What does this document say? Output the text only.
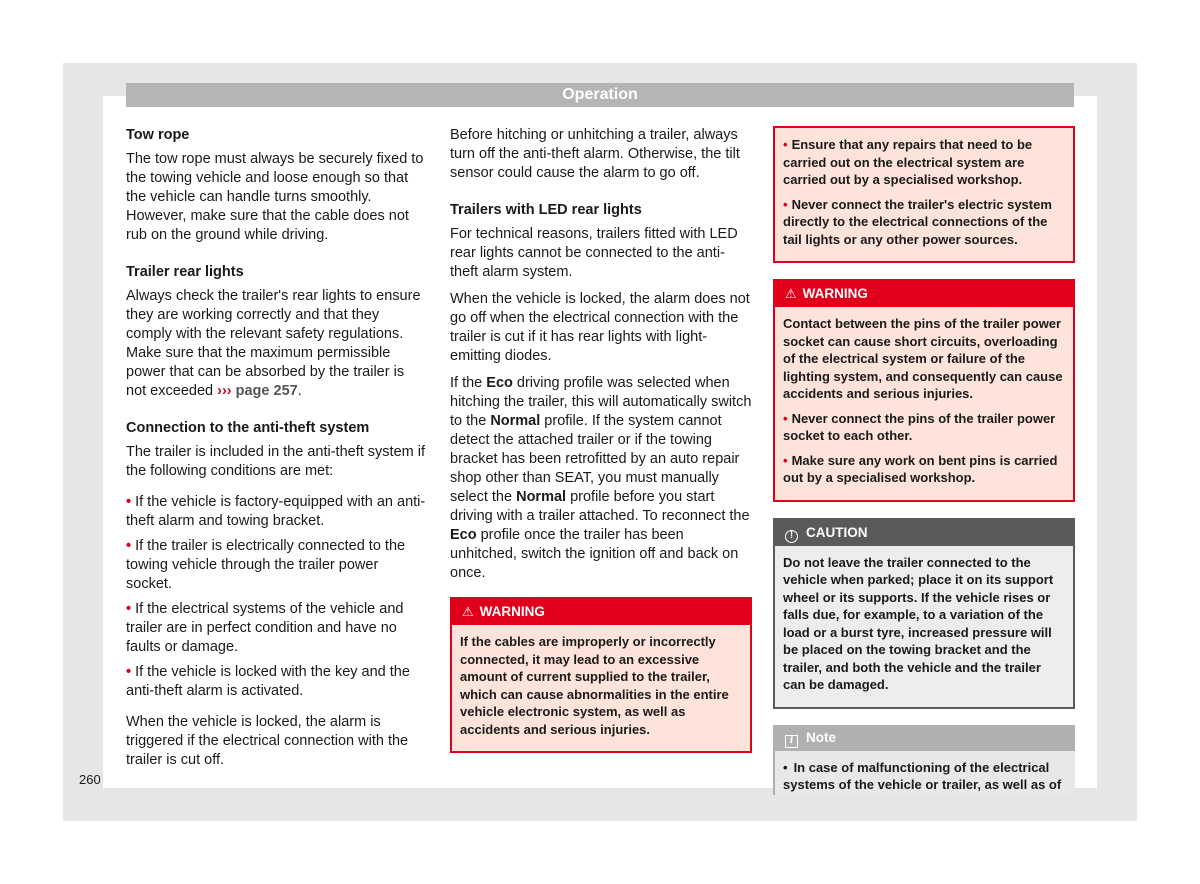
Operation
Tow rope

The tow rope must always be securely fixed to the towing vehicle and loose enough so that the vehicle can handle turns smoothly. However, make sure that the cable does not rub on the ground while driving.

Trailer rear lights

Always check the trailer's rear lights to ensure they are working correctly and that they comply with the relevant safety regulations. Make sure that the maximum permissible power that can be absorbed by the trailer is not exceeded ››› page 257.

Connection to the anti-theft system

The trailer is included in the anti-theft system if the following conditions are met:

• If the vehicle is factory-equipped with an anti-theft alarm and towing bracket.

• If the trailer is electrically connected to the towing vehicle through the trailer power socket.

• If the electrical systems of the vehicle and trailer are in perfect condition and have no faults or damage.

• If the vehicle is locked with the key and the anti-theft alarm is activated.

When the vehicle is locked, the alarm is triggered if the electrical connection with the trailer is cut off.

Before hitching or unhitching a trailer, always turn off the anti-theft alarm. Otherwise, the tilt sensor could cause the alarm to go off.

Trailers with LED rear lights

For technical reasons, trailers fitted with LED rear lights cannot be connected to the anti-theft alarm system.

When the vehicle is locked, the alarm does not go off when the electrical connection with the trailer is cut if it has rear lights with light-emitting diodes.

If the Eco driving profile was selected when hitching the trailer, this will automatically switch to the Normal profile. If the system cannot detect the attached trailer or if the towing bracket has been retrofitted by an auto repair shop other than SEAT, you must manually select the Normal profile before you start driving with a trailer attached. To reconnect the Eco profile once the trailer has been unhitched, switch the ignition off and back on once.

⚠ WARNING

If the cables are improperly or incorrectly connected, it may lead to an excessive amount of current supplied to the trailer, which can cause abnormalities in the entire vehicle electronic system, as well as accidents and serious injuries.

• Ensure that any repairs that need to be carried out on the electrical system are carried out by a specialised workshop.

• Never connect the trailer's electric system directly to the electrical connections of the tail lights or any other power sources.

⚠ WARNING

Contact between the pins of the trailer power socket can cause short circuits, overloading of the electrical system or failure of the lighting system, and consequently can cause accidents and serious injuries.

• Never connect the pins of the trailer power socket to each other.

• Make sure any work on bent pins is carried out by a specialised workshop.

! CAUTION

Do not leave the trailer connected to the vehicle when parked; place it on its support wheel or its supports. If the vehicle rises or falls due, for example, to a variation of the load or a burst tyre, increased pressure will be placed on the towing bracket and the trailer, and both the vehicle and the trailer can be damaged.

i Note

• In case of malfunctioning of the electrical systems of the vehicle or trailer, as well as of

260
